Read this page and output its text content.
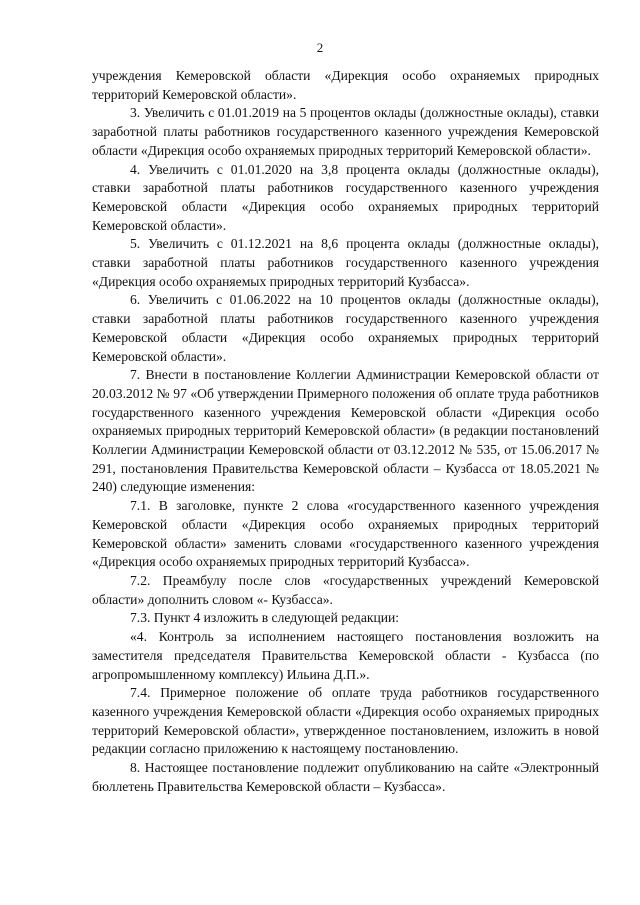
2

учреждения Кемеровской области «Дирекция особо охраняемых природных территорий Кемеровской области».

3. Увеличить с 01.01.2019 на 5 процентов оклады (должностные оклады), ставки заработной платы работников государственного казенного учреждения Кемеровской области «Дирекция особо охраняемых природных территорий Кемеровской области».

4. Увеличить с 01.01.2020 на 3,8 процента оклады (должностные оклады), ставки заработной платы работников государственного казенного учреждения Кемеровской области «Дирекция особо охраняемых природных территорий Кемеровской области».

5. Увеличить с 01.12.2021 на 8,6 процента оклады (должностные оклады), ставки заработной платы работников государственного казенного учреждения «Дирекция особо охраняемых природных территорий Кузбасса».

6. Увеличить с 01.06.2022 на 10 процентов оклады (должностные оклады), ставки заработной платы работников государственного казенного учреждения Кемеровской области «Дирекция особо охраняемых природных территорий Кемеровской области».

7. Внести в постановление Коллегии Администрации Кемеровской области от 20.03.2012 № 97 «Об утверждении Примерного положения об оплате труда работников государственного казенного учреждения Кемеровской области «Дирекция особо охраняемых природных территорий Кемеровской области» (в редакции постановлений Коллегии Администрации Кемеровской области от 03.12.2012 № 535, от 15.06.2017 № 291, постановления Правительства Кемеровской области – Кузбасса от 18.05.2021 № 240) следующие изменения:

7.1. В заголовке, пункте 2 слова «государственного казенного учреждения Кемеровской области «Дирекция особо охраняемых природных территорий Кемеровской области» заменить словами «государственного казенного учреждения «Дирекция особо охраняемых природных территорий Кузбасса».

7.2. Преамбулу после слов «государственных учреждений Кемеровской области» дополнить словом «- Кузбасса».

7.3. Пункт 4 изложить в следующей редакции:

«4. Контроль за исполнением настоящего постановления возложить на заместителя председателя Правительства Кемеровской области - Кузбасса (по агропромышленному комплексу) Ильина Д.П.».

7.4. Примерное положение об оплате труда работников государственного казенного учреждения Кемеровской области «Дирекция особо охраняемых природных территорий Кемеровской области», утвержденное постановлением, изложить в новой редакции согласно приложению к настоящему постановлению.

8. Настоящее постановление подлежит опубликованию на сайте «Электронный бюллетень Правительства Кемеровской области – Кузбасса».
